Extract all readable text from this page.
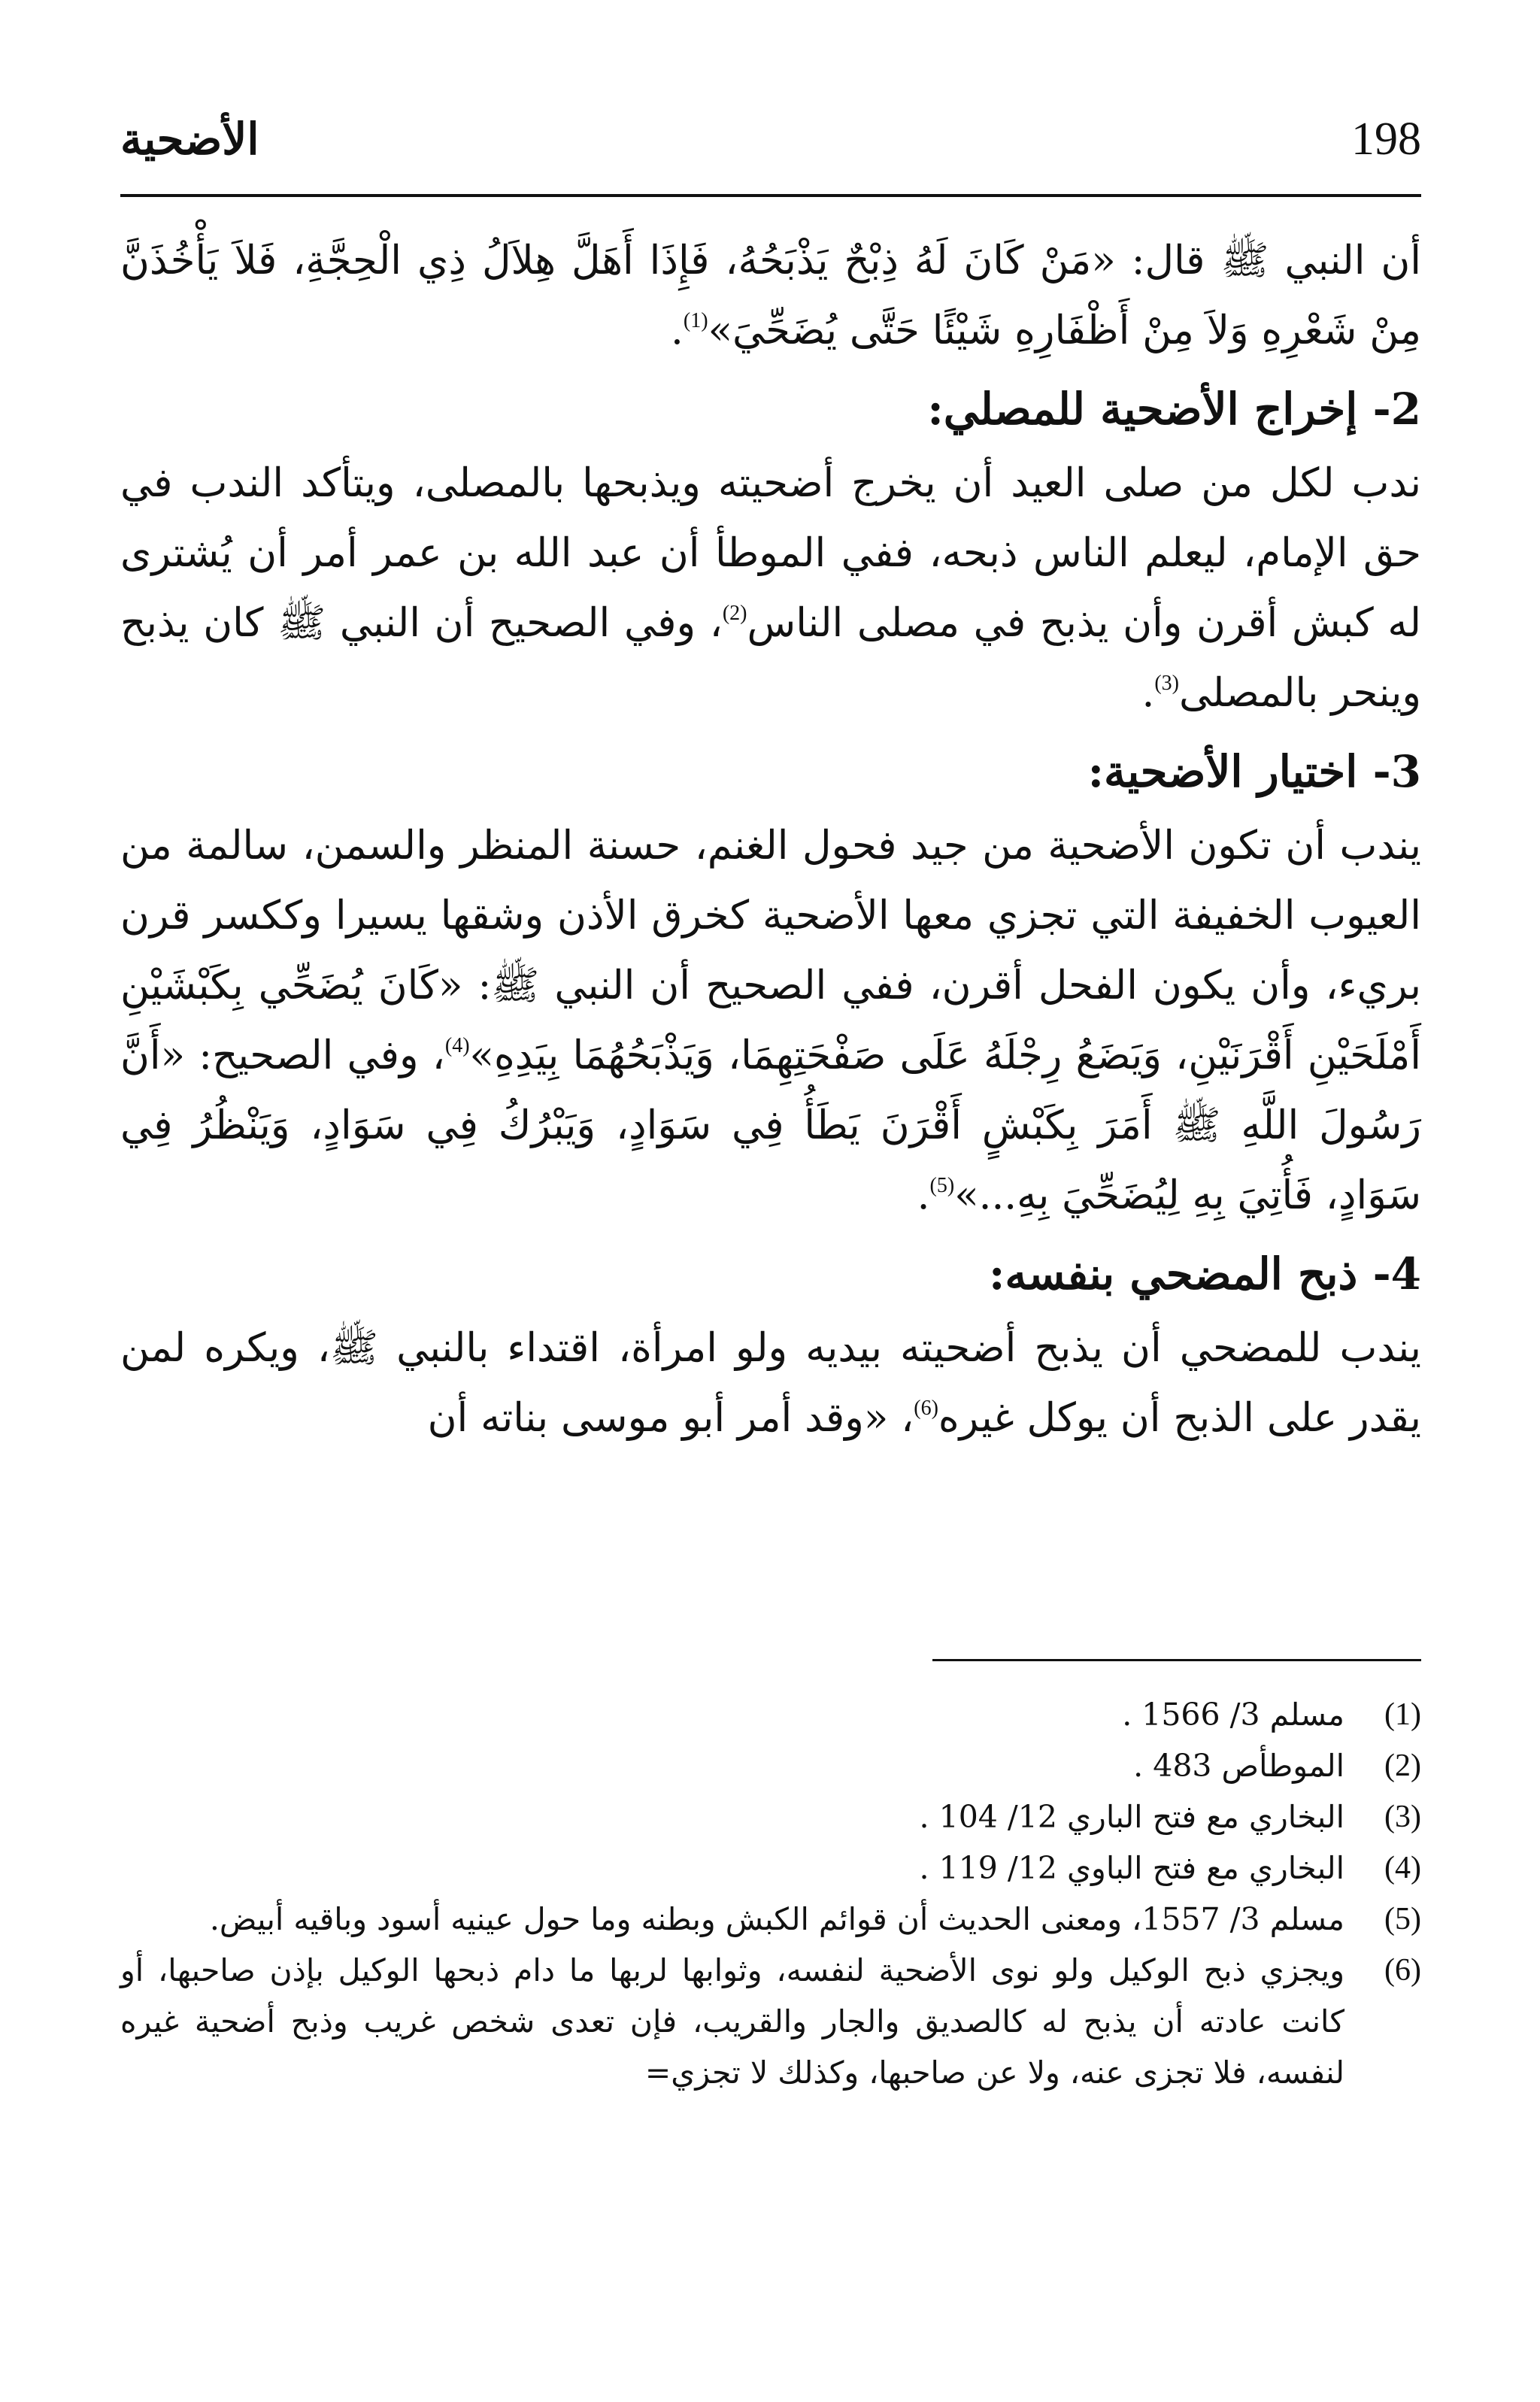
198
الأضحية

أن النبي ﷺ قال: «مَنْ كَانَ لَهُ ذِبْحٌ يَذْبَحُهُ، فَإِذَا أَهَلَّ هِلاَلُ ذِي الْحِجَّةِ، فَلاَ يَأْخُذَنَّ مِنْ شَعْرِهِ وَلاَ مِنْ أَظْفَارِهِ شَيْئًا حَتَّى يُضَحِّيَ»$^{(1)}$.

2- إخراج الأضحية للمصلي:

ندب لكل من صلى العيد أن يخرج أضحيته ويذبحها بالمصلى، ويتأكد الندب في حق الإمام، ليعلم الناس ذبحه، ففي الموطأ أن عبد الله بن عمر أمر أن يُشترى له كبش أقرن وأن يذبح في مصلى الناس$^{(2)}$، وفي الصحيح أن النبي ﷺ كان يذبح وينحر بالمصلى$^{(3)}$.

3- اختيار الأضحية:

يندب أن تكون الأضحية من جيد فحول الغنم، حسنة المنظر والسمن، سالمة من العيوب الخفيفة التي تجزي معها الأضحية كخرق الأذن وشقها يسيرا وككسر قرن بريء، وأن يكون الفحل أقرن، ففي الصحيح أن النبي ﷺ: «كَانَ يُضَحِّي بِكَبْشَيْنِ أَمْلَحَيْنِ أَقْرَنَيْنِ، وَيَضَعُ رِجْلَهُ عَلَى صَفْحَتِهِمَا، وَيَذْبَحُهُمَا بِيَدِهِ»$^{(4)}$، وفي الصحيح: «أَنَّ رَسُولَ اللَّهِ ﷺ أَمَرَ بِكَبْشٍ أَقْرَنَ يَطَأُ فِي سَوَادٍ، وَيَبْرُكُ فِي سَوَادٍ، وَيَنْظُرُ فِي سَوَادٍ، فَأُتِيَ بِهِ لِيُضَحِّيَ بِهِ...»$^{(5)}$.

4- ذبح المضحي بنفسه:

يندب للمضحي أن يذبح أضحيته بيديه ولو امرأة، اقتداء بالنبي ﷺ، ويكره لمن يقدر على الذبح أن يوكل غيره$^{(6)}$، «وقد أمر أبو موسى بناته أن

(1)
مسلم 3/ 1566 .
(2)
الموطأص 483 .
(3)
البخاري مع فتح الباري 12/ 104 .
(4)
البخاري مع فتح الباوي 12/ 119 .
(5)
مسلم 3/ 1557، ومعنى الحديث أن قوائم الكبش وبطنه وما حول عينيه أسود وباقيه أبيض.
(6)
ويجزي ذبح الوكيل ولو نوى الأضحية لنفسه، وثوابها لربها ما دام ذبحها الوكيل بإذن صاحبها، أو كانت عادته أن يذبح له كالصديق والجار والقريب، فإن تعدى شخص غريب وذبح أضحية غيره لنفسه، فلا تجزى عنه، ولا عن صاحبها، وكذلك لا تجزي=
